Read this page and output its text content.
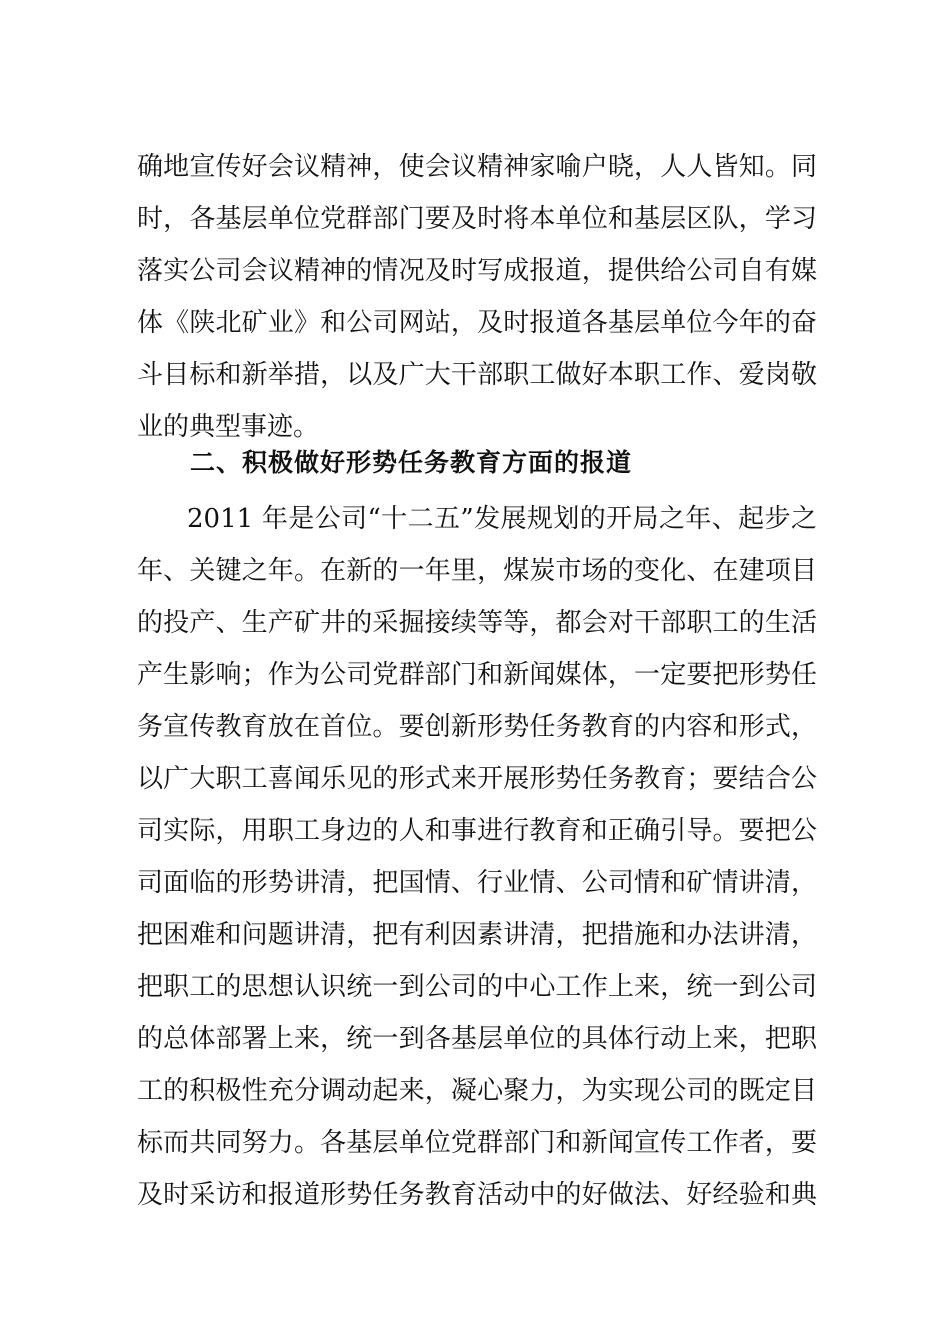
确地宣传好会议精神，使会议精神家喻户晓，人人皆知。同
时，各基层单位党群部门要及时将本单位和基层区队，学习
落实公司会议精神的情况及时写成报道，提供给公司自有媒
体《陕北矿业》和公司网站，及时报道各基层单位今年的奋
斗目标和新举措，以及广大干部职工做好本职工作、爱岗敬
业的典型事迹。
二、积极做好形势任务教育方面的报道
2011 年是公司“十二五”发展规划的开局之年、起步之
年、关键之年。在新的一年里，煤炭市场的变化、在建项目
的投产、生产矿井的采掘接续等等，都会对干部职工的生活
产生影响；作为公司党群部门和新闻媒体，一定要把形势任
务宣传教育放在首位。要创新形势任务教育的内容和形式，
以广大职工喜闻乐见的形式来开展形势任务教育；要结合公
司实际，用职工身边的人和事进行教育和正确引导。要把公
司面临的形势讲清，把国情、行业情、公司情和矿情讲清，
把困难和问题讲清，把有利因素讲清，把措施和办法讲清，
把职工的思想认识统一到公司的中心工作上来，统一到公司
的总体部署上来，统一到各基层单位的具体行动上来，把职
工的积极性充分调动起来，凝心聚力，为实现公司的既定目
标而共同努力。各基层单位党群部门和新闻宣传工作者，要
及时采访和报道形势任务教育活动中的好做法、好经验和典
